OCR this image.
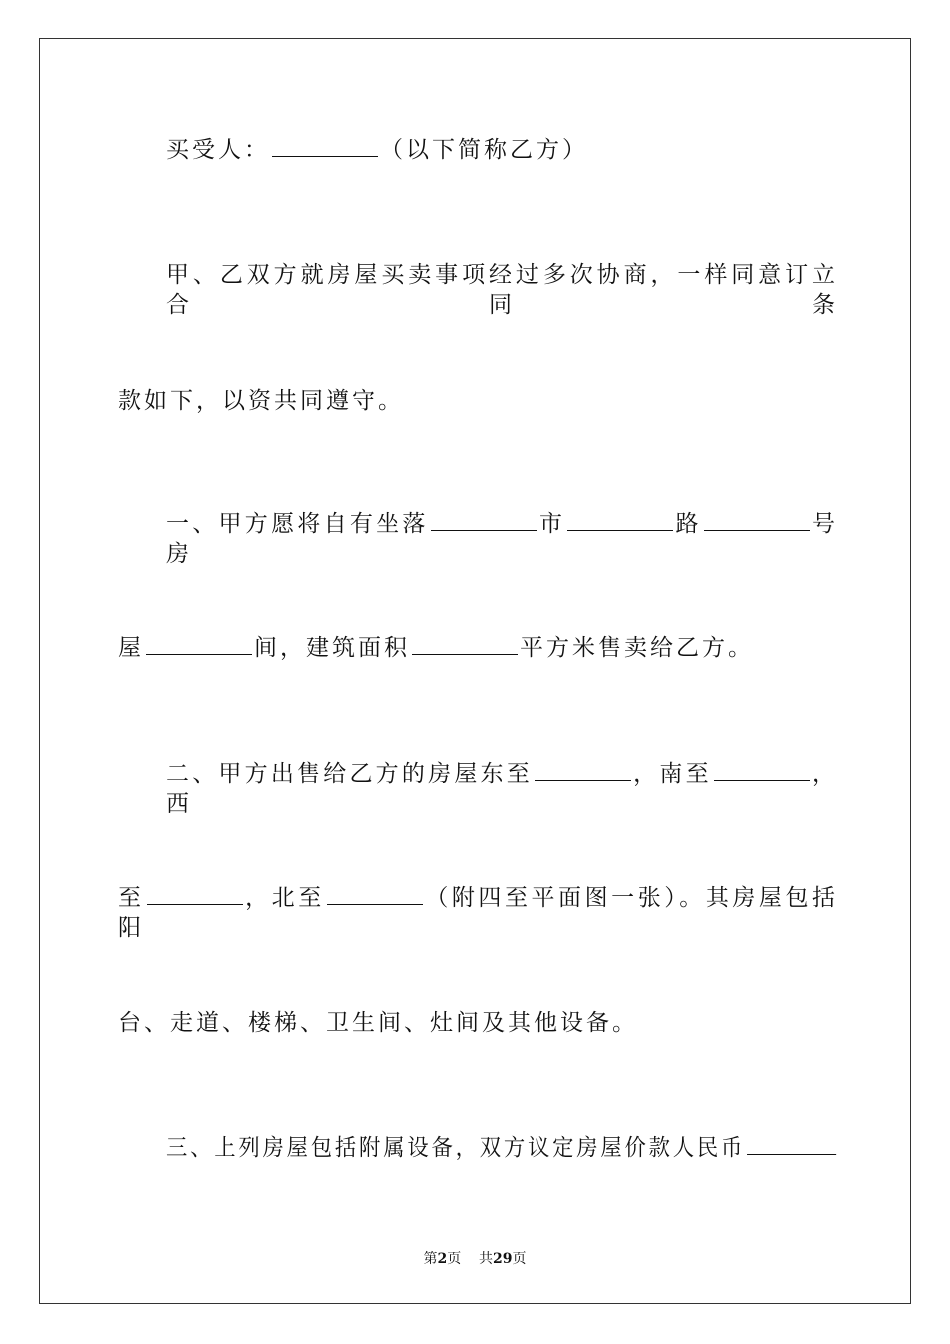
买受人：	（以下简称乙方）
甲、乙双方就房屋买卖事项经过多次协商，一样同意订立合同条
款如下，以资共同遵守。
一、甲方愿将自有坐落	市	路	号房
屋	间，建筑面积	平方米售卖给乙方。
二、甲方出售给乙方的房屋东至	，南至	，西
至	，北至	（附四至平面图一张）。其房屋包括阳
台、走道、楼梯、卫生间、灶间及其他设备。
三、上列房屋包括附属设备，双方议定房屋价款人民币
第2页 共29页
